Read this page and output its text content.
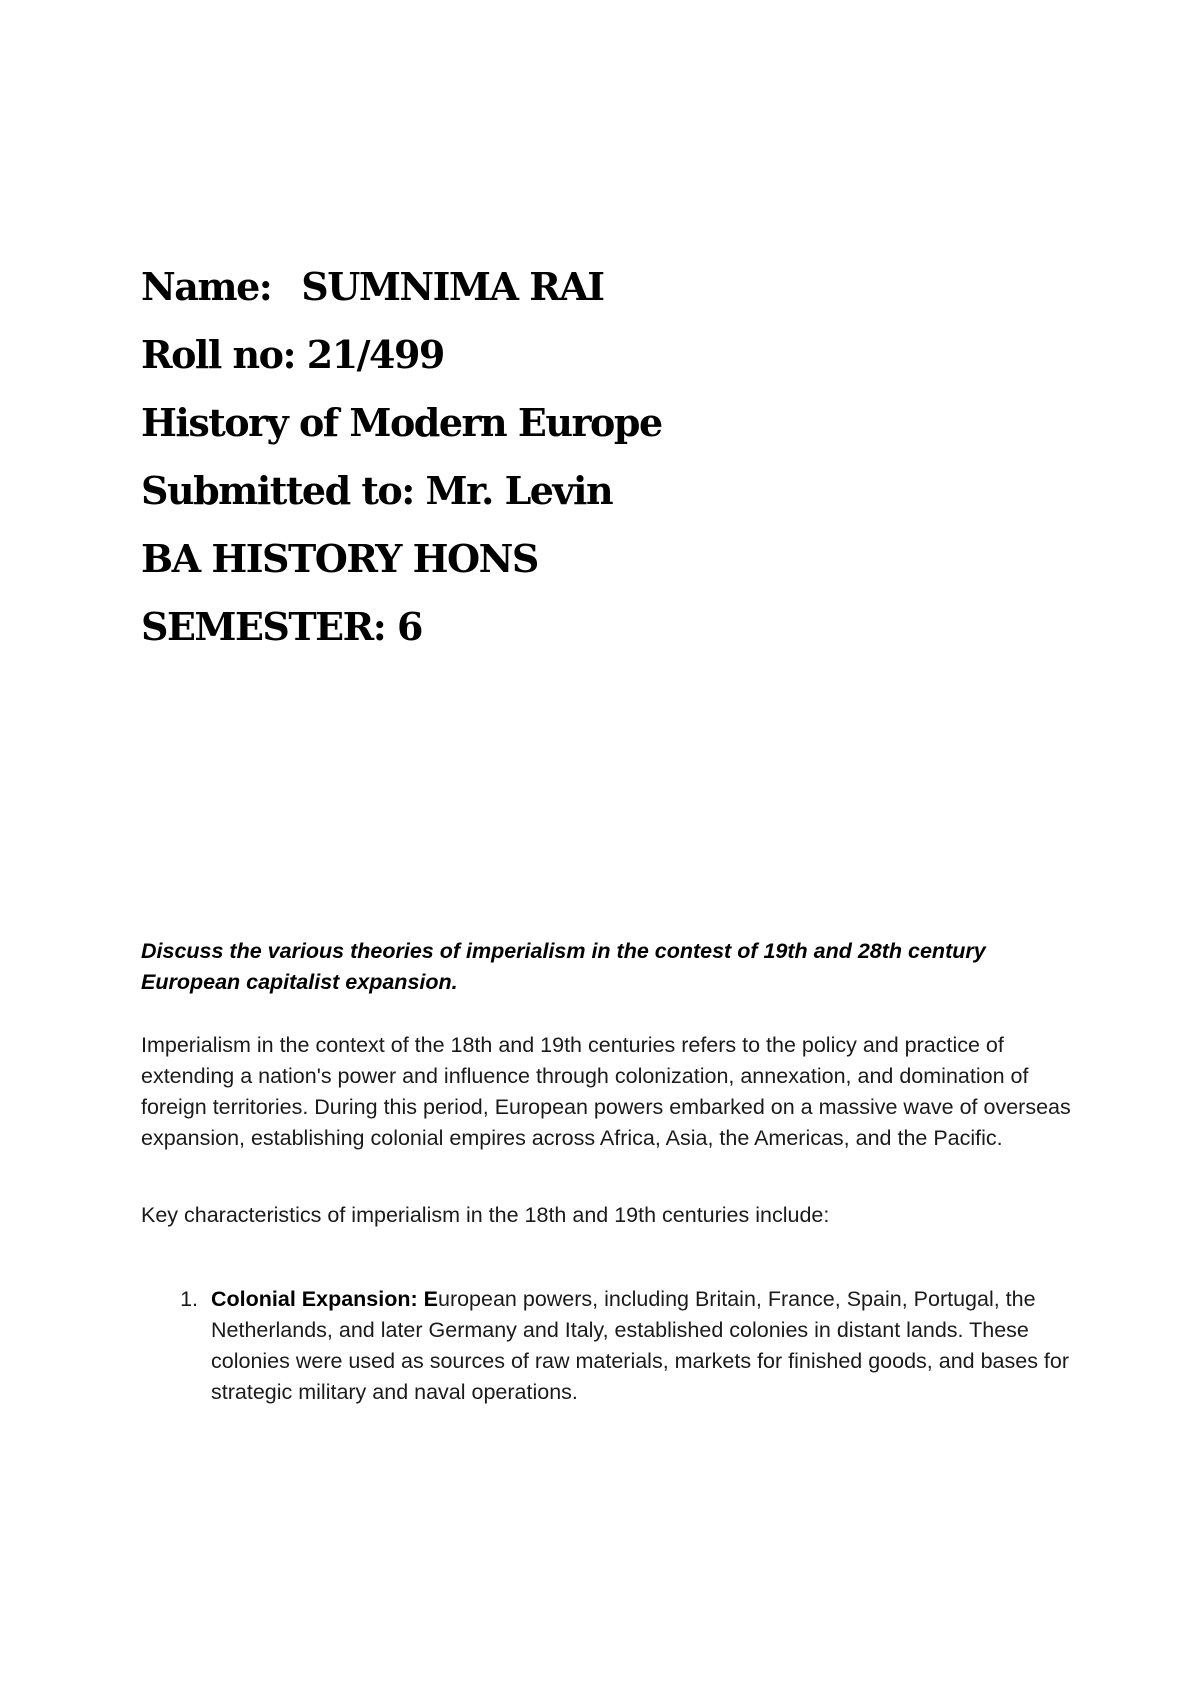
Name: SUMNIMA RAI

Roll no: 21/499

History of Modern Europe

Submitted to: Mr. Levin

BA HISTORY HONS

SEMESTER: 6

Discuss the various theories of imperialism in the contest of 19th and 28th century European capitalist expansion.

Imperialism in the context of the 18th and 19th centuries refers to the policy and practice of extending a nation's power and influence through colonization, annexation, and domination of foreign territories. During this period, European powers embarked on a massive wave of overseas expansion, establishing colonial empires across Africa, Asia, the Americas, and the Pacific.

Key characteristics of imperialism in the 18th and 19th centuries include:

1. Colonial Expansion: European powers, including Britain, France, Spain, Portugal, the Netherlands, and later Germany and Italy, established colonies in distant lands. These colonies were used as sources of raw materials, markets for finished goods, and bases for strategic military and naval operations.
